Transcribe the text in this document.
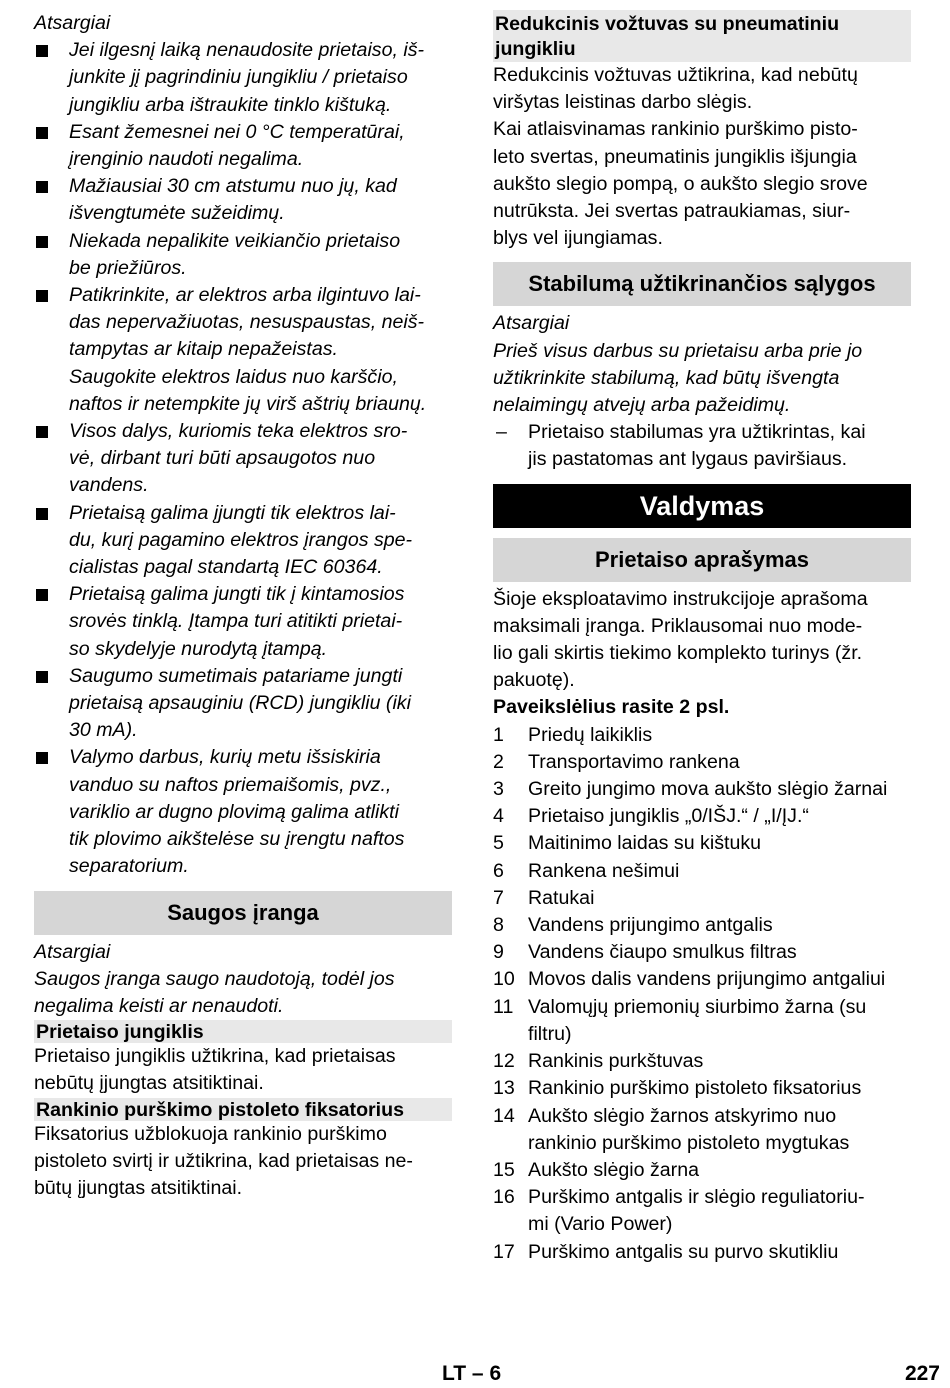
Atsargiai

Jei ilgesnį laiką nenaudosite prietaiso, iš-
junkite jį pagrindiniu jungikliu / prietaiso
jungikliu arba ištraukite tinklo kištuką.

Esant žemesnei nei 0 °C temperatūrai,
įrenginio naudoti negalima.

Mažiausiai 30 cm atstumu nuo jų, kad
išvengtumėte sužeidimų.

Niekada nepalikite veikiančio prietaiso
be priežiūros.

Patikrinkite, ar elektros arba ilgintuvo lai-
das nepervažiuotas, nesuspaustas, neiš-
tampytas ar kitaip nepažeistas.

Saugokite elektros laidus nuo karščio,
naftos ir netempkite jų virš aštrių briaunų.

Visos dalys, kuriomis teka elektros sro-
vė, dirbant turi būti apsaugotos nuo
vandens.

Prietaisą galima įjungti tik elektros lai-
du, kurį pagamino elektros įrangos spe-
cialistas pagal standartą IEC 60364.

Prietaisą galima jungti tik į kintamosios
srovės tinklą. Įtampa turi atitikti prietai-
so skydelyje nurodytą įtampą.

Saugumo sumetimais patariame jungti
prietaisą apsauginiu (RCD) jungikliu (iki
30 mA).

Valymo darbus, kurių metu išsiskiria
vanduo su naftos priemaišomis, pvz.,
variklio ar dugno plovimą galima atlikti
tik plovimo aikštelėse su įrengtu naftos
separatorium.

Saugos įranga

Atsargiai

Saugos įranga saugo naudotoją, todėl jos
negalima keisti ar nenaudoti.

Prietaiso jungiklis

Prietaiso jungiklis užtikrina, kad prietaisas
nebūtų įjungtas atsitiktinai.

Rankinio purškimo pistoleto fiksatorius

Fiksatorius užblokuoja rankinio purškimo
pistoleto svirtį ir užtikrina, kad prietaisas ne-
būtų įjungtas atsitiktinai.

Redukcinis vožtuvas su pneumatiniu
jungikliu

Redukcinis vožtuvas užtikrina, kad nebūtų
viršytas leistinas darbo slėgis.

Kai atlaisvinamas rankinio purškimo pisto-
leto svertas, pneumatinis jungiklis išjungia
aukšto slegio pompą, o aukšto slegio srove
nutrūksta. Jei svertas patraukiamas, siur-
blys vel ijungiamas.

Stabilumą užtikrinančios sąlygos

Atsargiai

Prieš visus darbus su prietaisu arba prie jo
užtikrinkite stabilumą, kad būtų išvengta
nelaimingų atvejų arba pažeidimų.

– Prietaiso stabilumas yra užtikrintas, kai
jis pastatomas ant lygaus paviršiaus.

Valdymas
Prietaiso aprašymas

Šioje eksploatavimo instrukcijoje aprašoma
maksimali įranga. Priklausomai nuo mode-
lio gali skirtis tiekimo komplekto turinys (žr.
pakuotę).

Paveikslėlius rasite 2 psl.

1 Priedų laikiklis

2 Transportavimo rankena

3 Greito jungimo mova aukšto slėgio žarnai

4 Prietaiso jungiklis „0/IŠJ.“ / „I/ĮJ.“

5 Maitinimo laidas su kištuku

6 Rankena nešimui

7 Ratukai

8 Vandens prijungimo antgalis

9 Vandens čiaupo smulkus filtras

10 Movos dalis vandens prijungimo antgaliui

11 Valomųjų priemonių siurbimo žarna (su
filtru)

12 Rankinis purkštuvas

13 Rankinio purškimo pistoleto fiksatorius

14 Aukšto slėgio žarnos atskyrimo nuo
rankinio purškimo pistoleto mygtukas

15 Aukšto slėgio žarna

16 Purškimo antgalis ir slėgio reguliatoriu-
mi (Vario Power)

17 Purškimo antgalis su purvo skutikliu

LT – 6	227
